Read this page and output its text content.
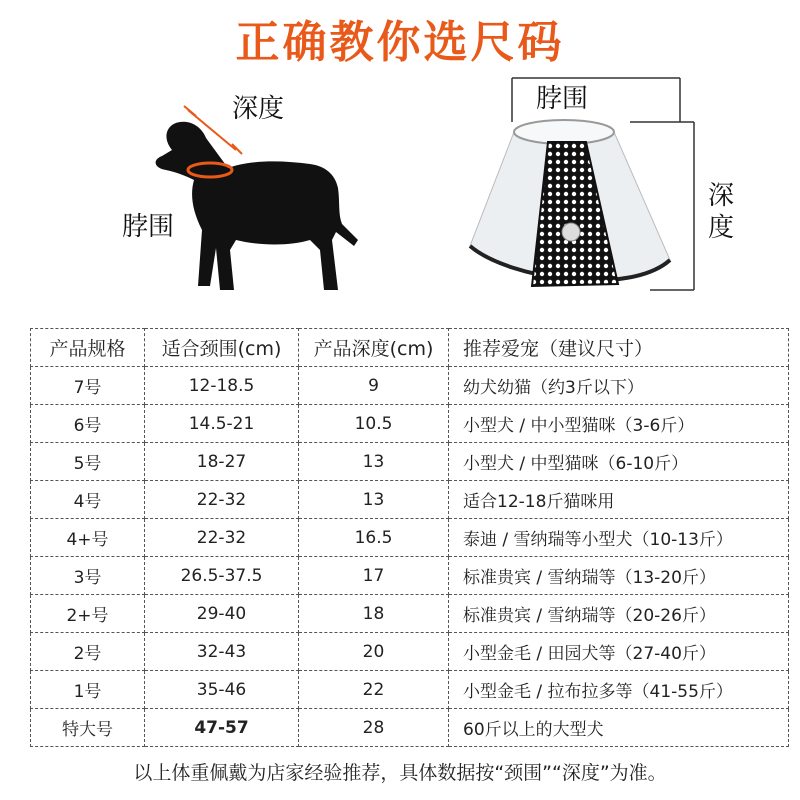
正确教你选尺码
深度
脖围
脖围
深度
产品规格	适合颈围(cm)	产品深度(cm)	推荐爱宠（建议尺寸）
7号	12-18.5	9	幼犬幼猫（约3斤以下）
6号	14.5-21	10.5	小型犬 / 中小型猫咪（3-6斤）
5号	18-27	13	小型犬 / 中型猫咪（6-10斤）
4号	22-32	13	适合12-18斤猫咪用
4+号	22-32	16.5	泰迪 / 雪纳瑞等小型犬（10-13斤）
3号	26.5-37.5	17	标准贵宾 / 雪纳瑞等（13-20斤）
2+号	29-40	18	标准贵宾 / 雪纳瑞等（20-26斤）
2号	32-43	20	小型金毛 / 田园犬等（27-40斤）
1号	35-46	22	小型金毛 / 拉布拉多等（41-55斤）
特大号	47-57	28	60斤以上的大型犬
以上体重佩戴为店家经验推荐，具体数据按“颈围”“深度”为准。
